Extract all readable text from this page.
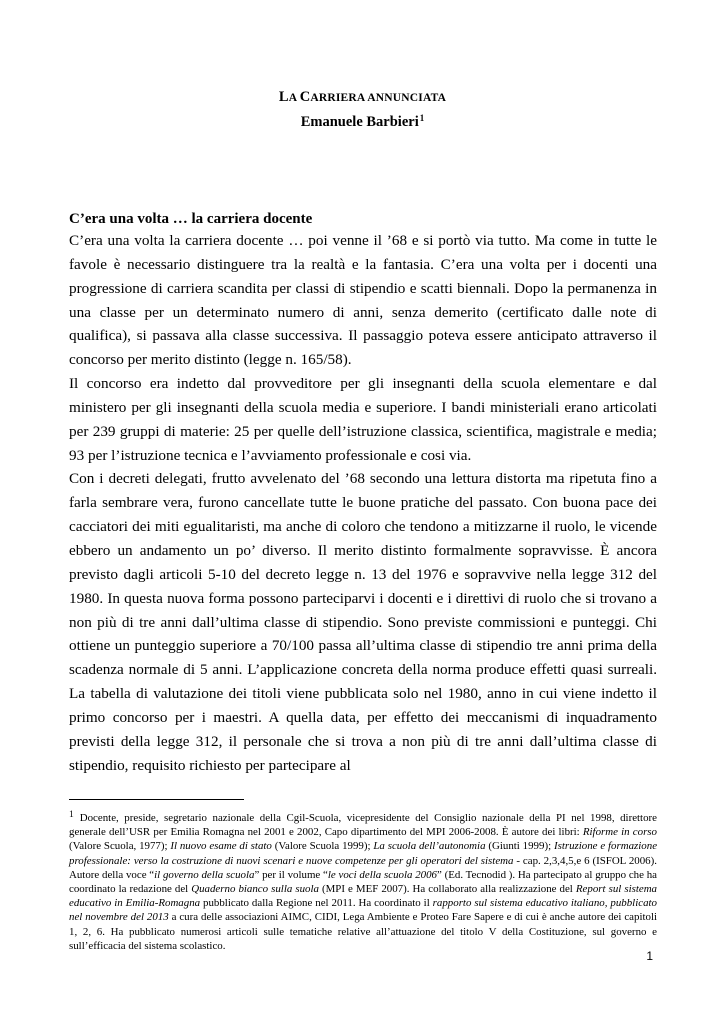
LA CARRIERA ANNUNCIATA
Emanuele Barbieri$^1$
C’era una volta … la carriera docente

C’era una volta la carriera docente … poi venne il ’68 e si portò via tutto. Ma come in tutte le favole è necessario distinguere tra la realtà e la fantasia. C’era una volta per i docenti una progressione di carriera scandita per classi di stipendio e scatti biennali. Dopo la permanenza in una classe per un determinato numero di anni, senza demerito (certificato dalle note di qualifica), si passava alla classe successiva. Il passaggio poteva essere anticipato attraverso il concorso per merito distinto (legge n. 165/58).

Il concorso era indetto dal provveditore per gli insegnanti della scuola elementare e dal ministero per gli insegnanti della scuola media e superiore. I bandi ministeriali erano articolati per 239 gruppi di materie: 25 per quelle dell’istruzione classica, scientifica, magistrale e media; 93 per l’istruzione tecnica e l’avviamento professionale e cosi via.

Con i decreti delegati, frutto avvelenato del ’68 secondo una lettura distorta ma ripetuta fino a farla sembrare vera, furono cancellate tutte le buone pratiche del passato. Con buona pace dei cacciatori dei miti egualitaristi, ma anche di coloro che tendono a mitizzarne il ruolo, le vicende ebbero un andamento un po’ diverso. Il merito distinto formalmente sopravvisse. È ancora previsto dagli articoli 5-10 del decreto legge n. 13 del 1976 e sopravvive nella legge 312 del 1980. In questa nuova forma possono parteciparvi i docenti e i direttivi di ruolo che si trovano a non più di tre anni dall’ultima classe di stipendio. Sono previste commissioni e punteggi. Chi ottiene un punteggio superiore a 70/100 passa all’ultima classe di stipendio tre anni prima della scadenza normale di 5 anni. L’applicazione concreta della norma produce effetti quasi surreali. La tabella di valutazione dei titoli viene pubblicata solo nel 1980, anno in cui viene indetto il primo concorso per i maestri. A quella data, per effetto dei meccanismi di inquadramento previsti della legge 312, il personale che si trova a non più di tre anni dall’ultima classe di stipendio, requisito richiesto per partecipare al

1 Docente, preside, segretario nazionale della Cgil-Scuola, vicepresidente del Consiglio nazionale della PI nel 1998, direttore generale dell’USR per Emilia Romagna nel 2001 e 2002, Capo dipartimento del MPI 2006-2008. È autore dei libri: Riforme in corso (Valore Scuola, 1977); Il nuovo esame di stato (Valore Scuola 1999); La scuola dell’autonomia (Giunti 1999); Istruzione e formazione professionale: verso la costruzione di nuovi scenari e nuove competenze per gli operatori del sistema - cap. 2,3,4,5,e 6 (ISFOL 2006). Autore della voce “il governo della scuola” per il volume “le voci della scuola 2006” (Ed. Tecnodid ). Ha partecipato al gruppo che ha coordinato la redazione del Quaderno bianco sulla suola (MPI e MEF 2007). Ha collaborato alla realizzazione del Report sul sistema educativo in Emilia-Romagna pubblicato dalla Regione nel 2011. Ha coordinato il rapporto sul sistema educativo italiano, pubblicato nel novembre del 2013 a cura delle associazioni AIMC, CIDI, Lega Ambiente e Proteo Fare Sapere e di cui è anche autore dei capitoli 1, 2, 6. Ha pubblicato numerosi articoli sulle tematiche relative all’attuazione del titolo V della Costituzione, sul governo e sull’efficacia del sistema scolastico.
1
